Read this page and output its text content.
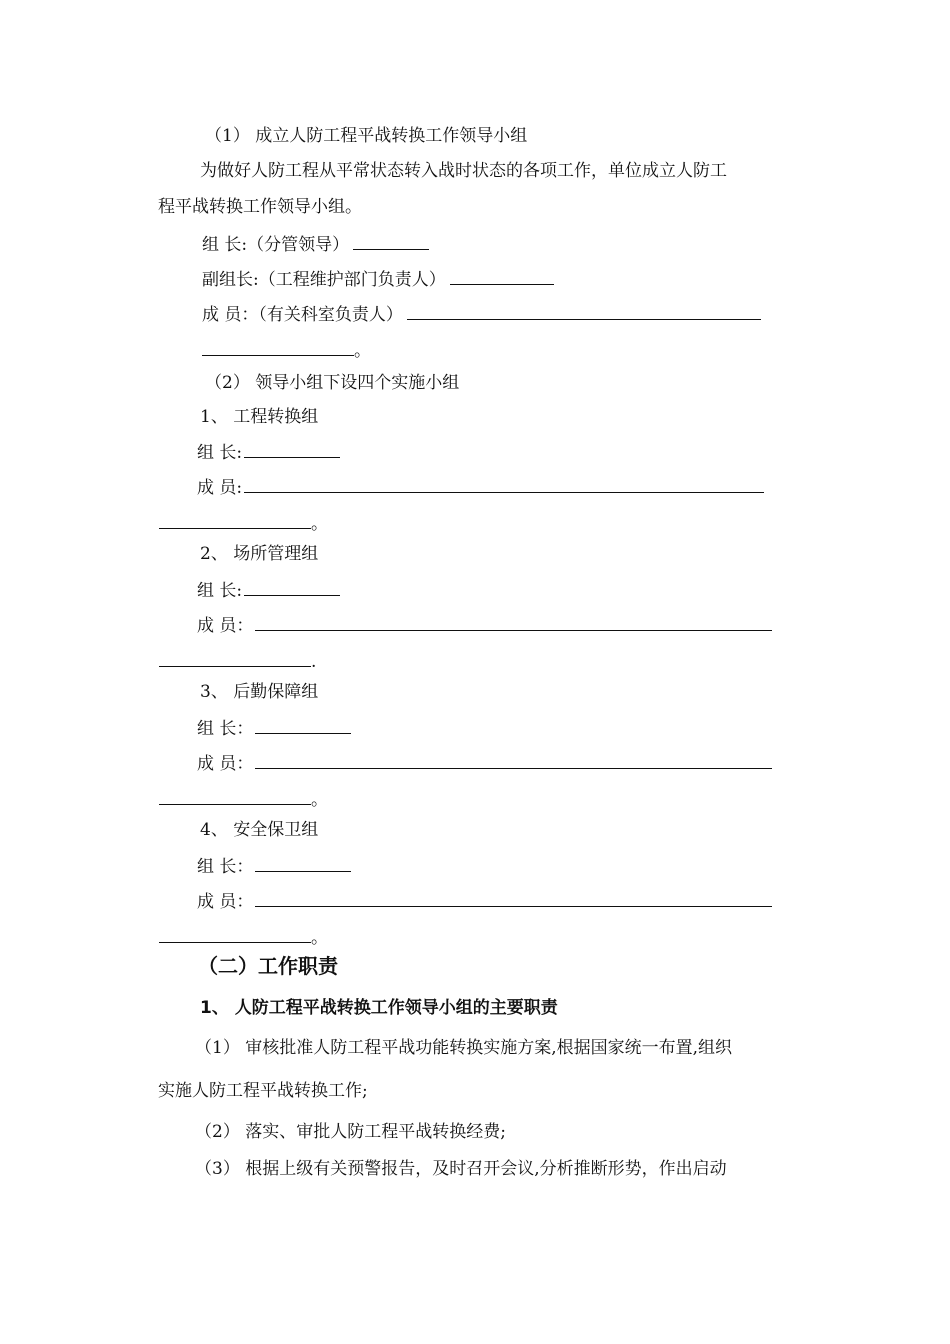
（1） 成立人防工程平战转换工作领导小组
为做好人防工程从平常状态转入战时状态的各项工作，单位成立人防工
程平战转换工作领导小组。
组 长:（分管领导）
副组长:（工程维护部门负责人）
成 员：（有关科室负责人）
。
（2） 领导小组下设四个实施小组
1、 工程转换组
组 长:
成 员:
。
2、 场所管理组
组 长:
成 员：
.
3、 后勤保障组
组 长：
成 员：
。
4、 安全保卫组
组 长：
成 员：
。
（二）工作职责
1、 人防工程平战转换工作领导小组的主要职责
（1） 审核批准人防工程平战功能转换实施方案,根据国家统一布置,组织
实施人防工程平战转换工作;
（2） 落实、审批人防工程平战转换经费;
（3） 根据上级有关预警报告，及时召开会议,分析推断形势，作出启动
